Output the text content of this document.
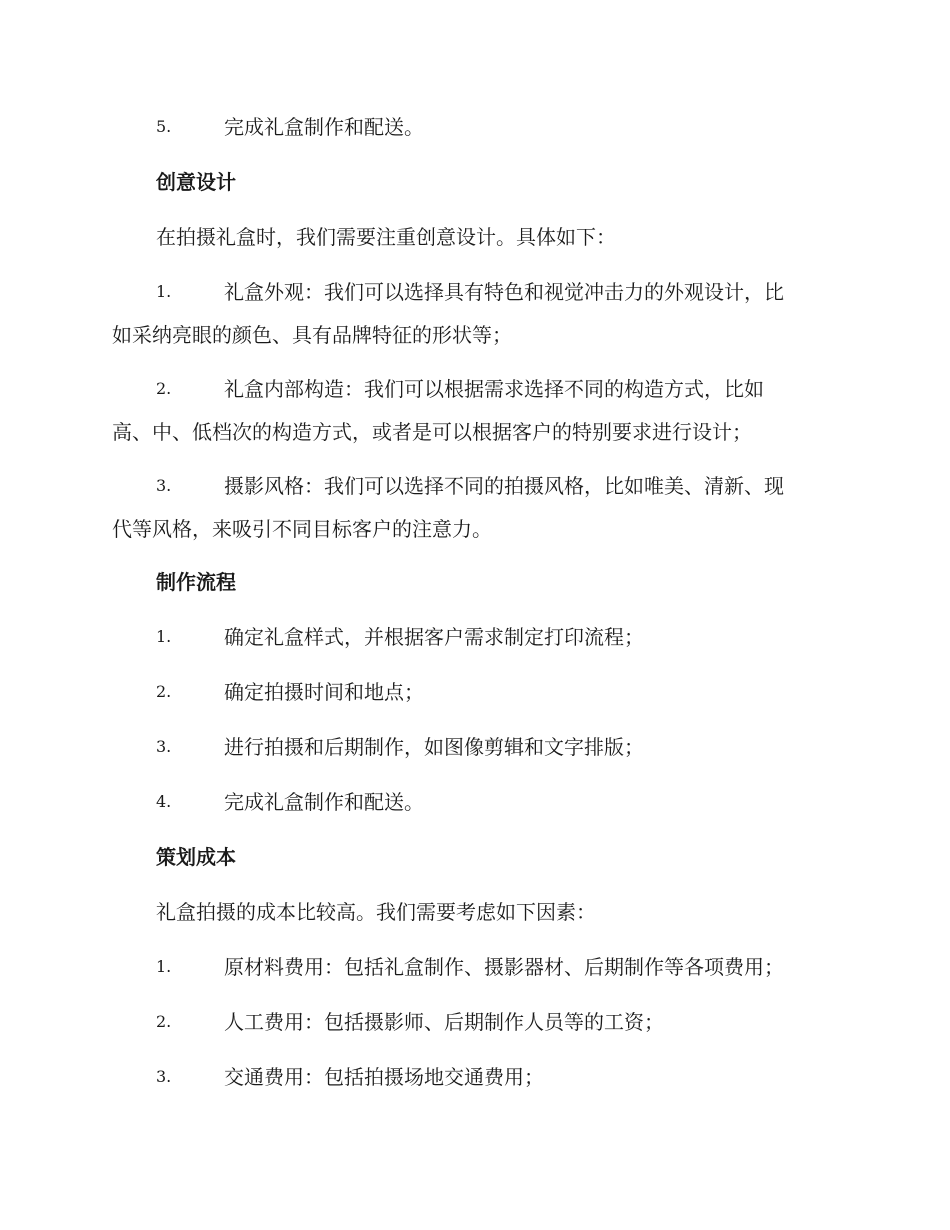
5.	完成礼盒制作和配送。
创意设计
在拍摄礼盒时，我们需要注重创意设计。具体如下：
1.	礼盒外观：我们可以选择具有特色和视觉冲击力的外观设计，比
如采纳亮眼的颜色、具有品牌特征的形状等；
2.	礼盒内部构造：我们可以根据需求选择不同的构造方式，比如
高、中、低档次的构造方式，或者是可以根据客户的特别要求进行设计；
3.	摄影风格：我们可以选择不同的拍摄风格，比如唯美、清新、现
代等风格，来吸引不同目标客户的注意力。
制作流程
1.	确定礼盒样式，并根据客户需求制定打印流程；
2.	确定拍摄时间和地点；
3.	进行拍摄和后期制作，如图像剪辑和文字排版；
4.	完成礼盒制作和配送。
策划成本
礼盒拍摄的成本比较高。我们需要考虑如下因素：
1.	原材料费用：包括礼盒制作、摄影器材、后期制作等各项费用；
2.	人工费用：包括摄影师、后期制作人员等的工资；
3.	交通费用：包括拍摄场地交通费用；
